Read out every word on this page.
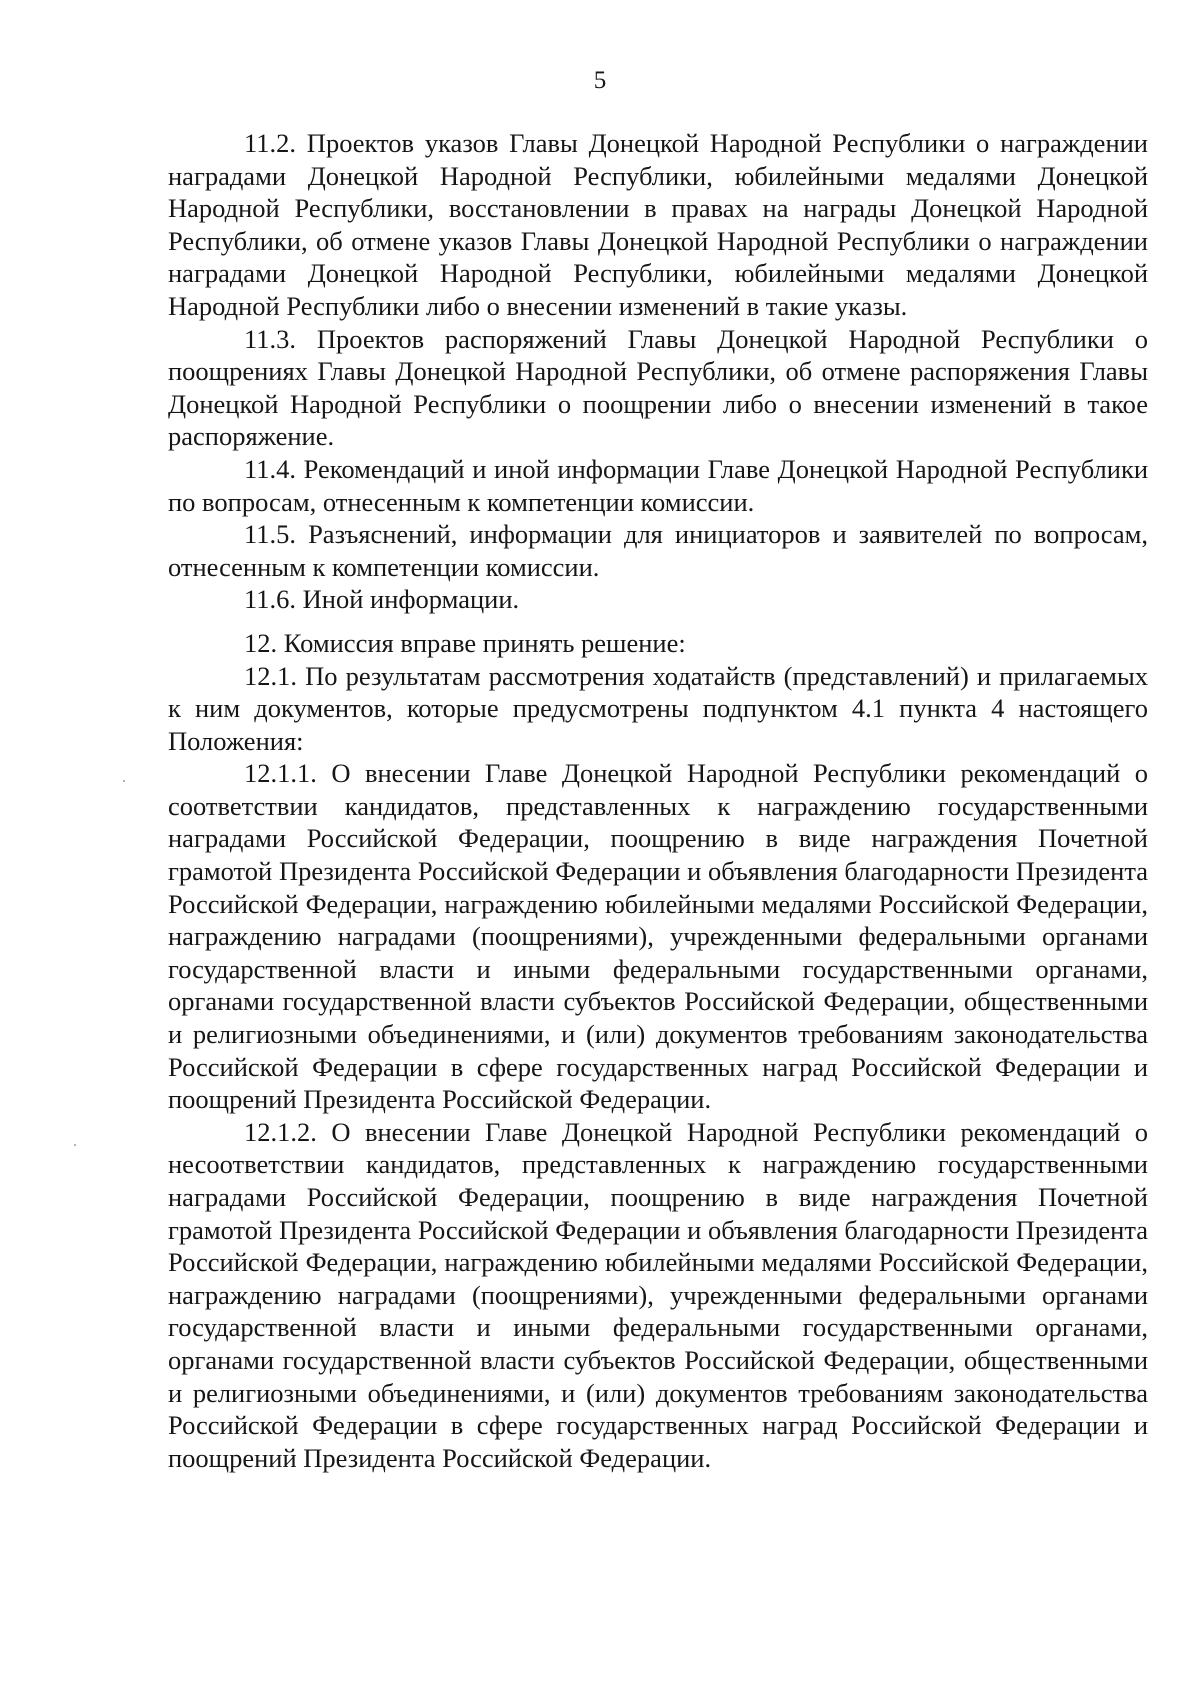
5

11.2. Проектов указов Главы Донецкой Народной Республики о награждении наградами Донецкой Народной Республики, юбилейными медалями Донецкой Народной Республики, восстановлении в правах на награды Донецкой Народной Республики, об отмене указов Главы Донецкой Народной Республики о награждении наградами Донецкой Народной Республики, юбилейными медалями Донецкой Народной Республики либо о внесении изменений в такие указы.

11.3. Проектов распоряжений Главы Донецкой Народной Республики о поощрениях Главы Донецкой Народной Республики, об отмене распоряжения Главы Донецкой Народной Республики о поощрении либо о внесении изменений в такое распоряжение.

11.4. Рекомендаций и иной информации Главе Донецкой Народной Республики по вопросам, отнесенным к компетенции комиссии.

11.5. Разъяснений, информации для инициаторов и заявителей по вопросам, отнесенным к компетенции комиссии.

11.6. Иной информации.

12. Комиссия вправе принять решение:

12.1. По результатам рассмотрения ходатайств (представлений) и прилагаемых к ним документов, которые предусмотрены подпунктом 4.1 пункта 4 настоящего Положения:

12.1.1. О внесении Главе Донецкой Народной Республики рекомендаций о соответствии кандидатов, представленных к награждению государственными наградами Российской Федерации, поощрению в виде награждения Почетной грамотой Президента Российской Федерации и объявления благодарности Президента Российской Федерации, награждению юбилейными медалями Российской Федерации, награждению наградами (поощрениями), учрежденными федеральными органами государственной власти и иными федеральными государственными органами, органами государственной власти субъектов Российской Федерации, общественными и религиозными объединениями, и (или) документов требованиям законодательства Российской Федерации в сфере государственных наград Российской Федерации и поощрений Президента Российской Федерации.

12.1.2. О внесении Главе Донецкой Народной Республики рекомендаций о несоответствии кандидатов, представленных к награждению государственными наградами Российской Федерации, поощрению в виде награждения Почетной грамотой Президента Российской Федерации и объявления благодарности Президента Российской Федерации, награждению юбилейными медалями Российской Федерации, награждению наградами (поощрениями), учрежденными федеральными органами государственной власти и иными федеральными государственными органами, органами государственной власти субъектов Российской Федерации, общественными и религиозными объединениями, и (или) документов требованиям законодательства Российской Федерации в сфере государственных наград Российской Федерации и поощрений Президента Российской Федерации.
